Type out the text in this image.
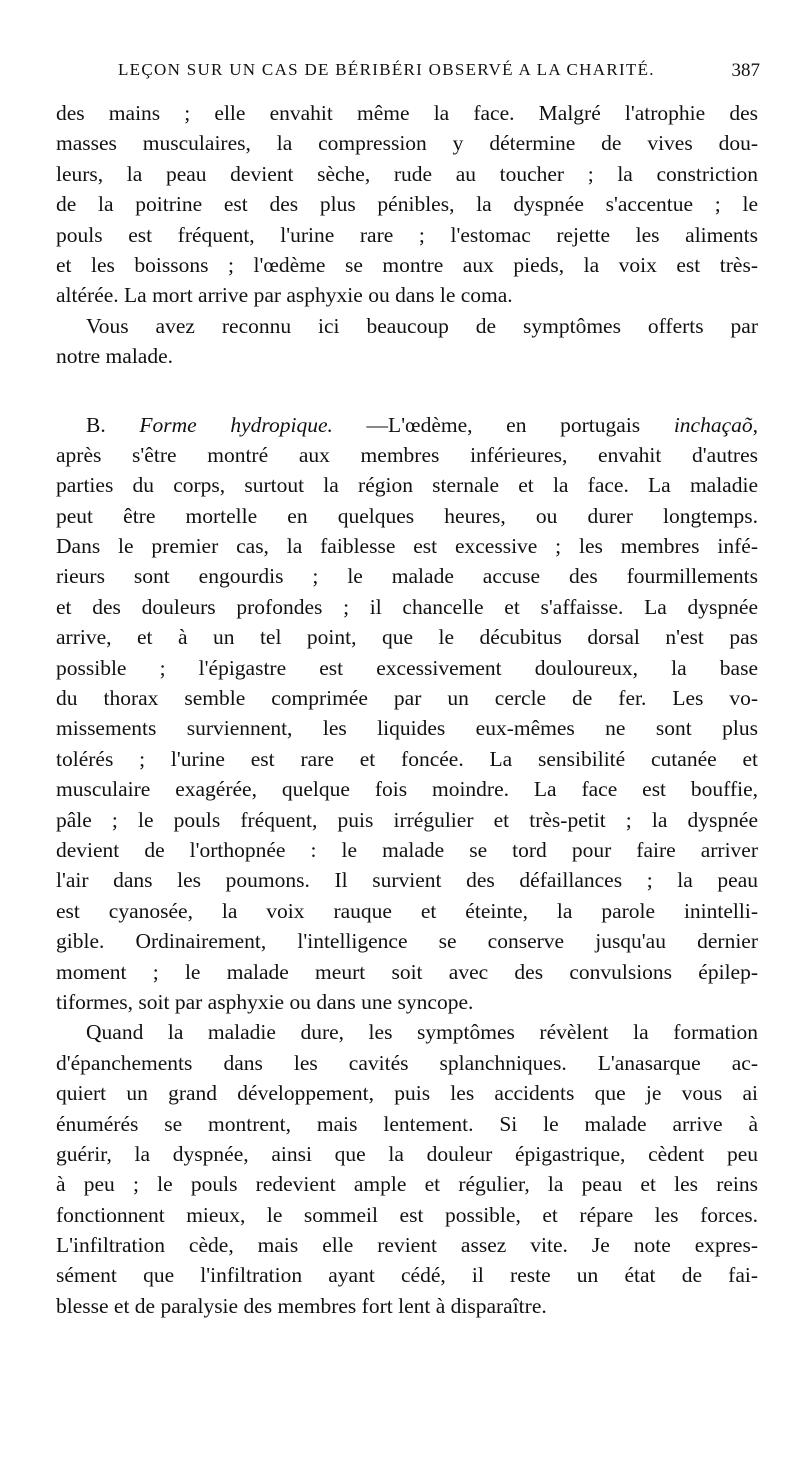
LEÇON SUR UN CAS DE BÉRIBÉRI OBSERVÉ A LA CHARITÉ.	387
des mains ; elle envahit même la face. Malgré l'atrophie des
masses musculaires, la compression y détermine de vives dou-
leurs, la peau devient sèche, rude au toucher ; la constriction
de la poitrine est des plus pénibles, la dyspnée s'accentue ; le
pouls est fréquent, l'urine rare ; l'estomac rejette les aliments
et les boissons ; l'œdème se montre aux pieds, la voix est très-
altérée. La mort arrive par asphyxie ou dans le coma.
Vous avez reconnu ici beaucoup de symptômes offerts par
notre malade.
B. Forme hydropique. —L'œdème, en portugais inchaçaõ,
après s'être montré aux membres inférieures, envahit d'autres
parties du corps, surtout la région sternale et la face. La maladie
peut être mortelle en quelques heures, ou durer longtemps.
Dans le premier cas, la faiblesse est excessive ; les membres infé-
rieurs sont engourdis ; le malade accuse des fourmillements
et des douleurs profondes ; il chancelle et s'affaisse. La dyspnée
arrive, et à un tel point, que le décubitus dorsal n'est pas
possible ; l'épigastre est excessivement douloureux, la base
du thorax semble comprimée par un cercle de fer. Les vo-
missements surviennent, les liquides eux-mêmes ne sont plus
tolérés ; l'urine est rare et foncée. La sensibilité cutanée et
musculaire exagérée, quelque fois moindre. La face est bouffie,
pâle ; le pouls fréquent, puis irrégulier et très-petit ; la dyspnée
devient de l'orthopnée : le malade se tord pour faire arriver
l'air dans les poumons. Il survient des défaillances ; la peau
est cyanosée, la voix rauque et éteinte, la parole inintelli-
gible. Ordinairement, l'intelligence se conserve jusqu'au dernier
moment ; le malade meurt soit avec des convulsions épilep-
tiformes, soit par asphyxie ou dans une syncope.
Quand la maladie dure, les symptômes révèlent la formation
d'épanchements dans les cavités splanchniques. L'anasarque ac-
quiert un grand développement, puis les accidents que je vous ai
énumérés se montrent, mais lentement. Si le malade arrive à
guérir, la dyspnée, ainsi que la douleur épigastrique, cèdent peu
à peu ; le pouls redevient ample et régulier, la peau et les reins
fonctionnent mieux, le sommeil est possible, et répare les forces.
L'infiltration cède, mais elle revient assez vite. Je note expres-
sément que l'infiltration ayant cédé, il reste un état de fai-
blesse et de paralysie des membres fort lent à disparaître.
